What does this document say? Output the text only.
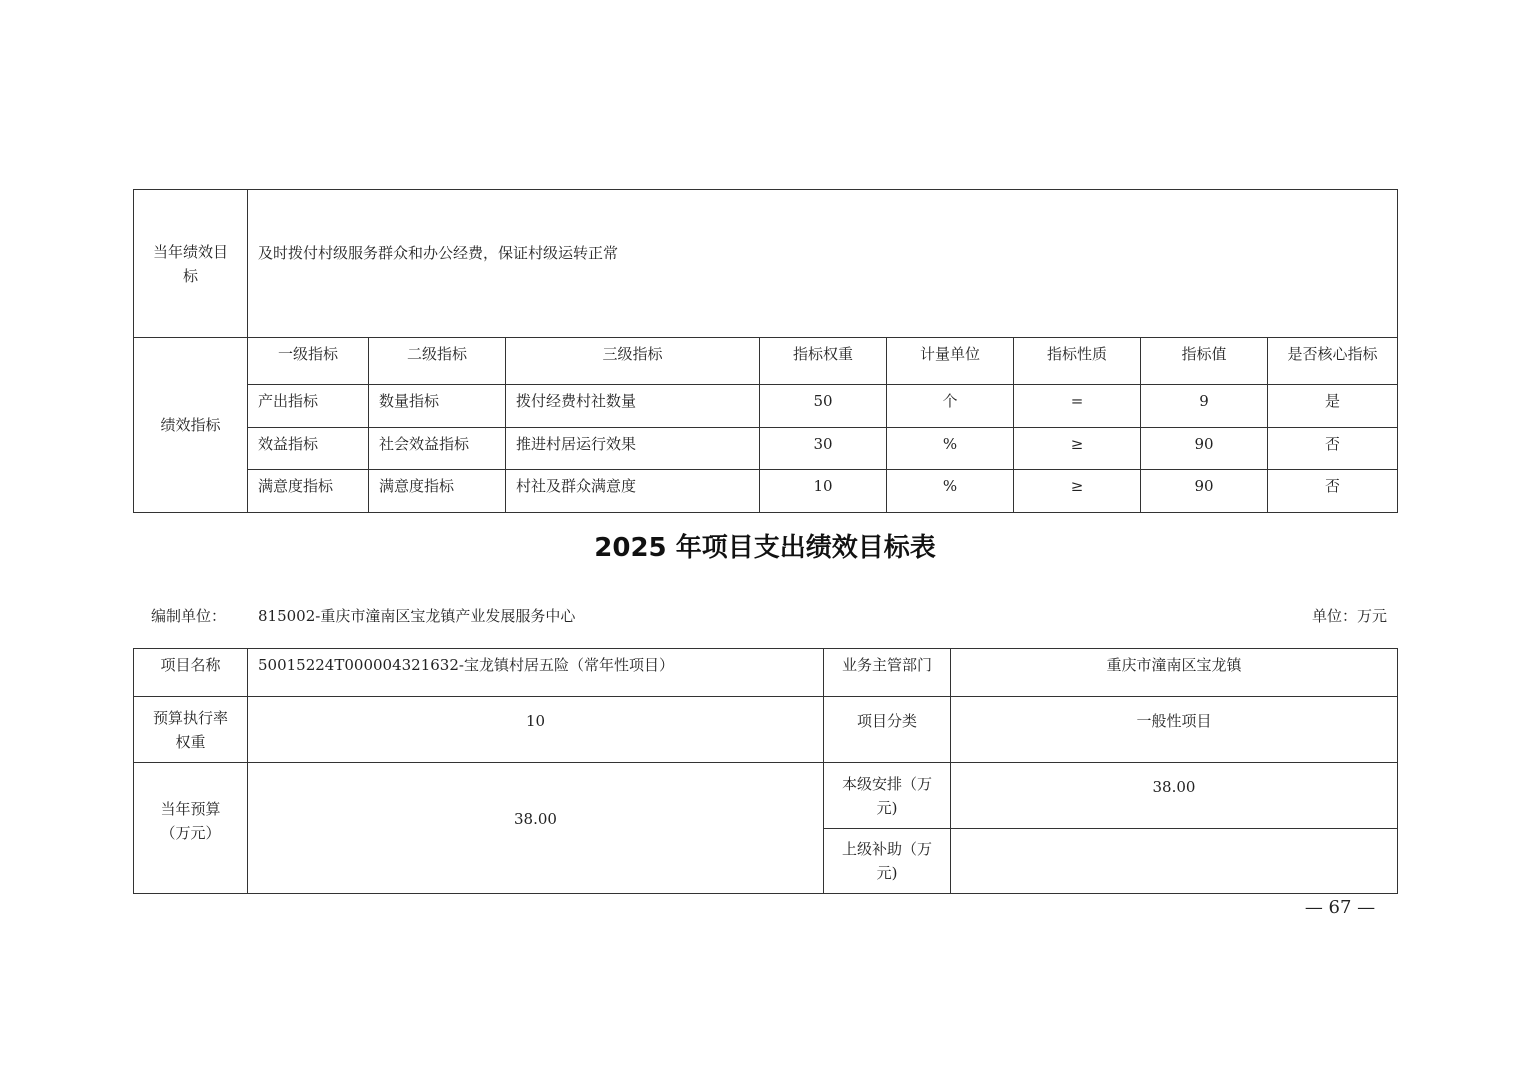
当年绩效目标	及时拨付村级服务群众和办公经费，保证村级运转正常							
绩效指标	一级指标	二级指标	三级指标	指标权重	计量单位	指标性质	指标值	是否核心指标
	产出指标	数量指标	拨付经费村社数量	50	个	=	9	是
	效益指标	社会效益指标	推进村居运行效果	30	%	≥	90	否
	满意度指标	满意度指标	村社及群众满意度	10	%	≥	90	否
2025 年项目支出绩效目标表
编制单位： 815002-重庆市潼南区宝龙镇产业发展服务中心	单位：万元
项目名称	50015224T000004321632-宝龙镇村居五险（常年性项目）	业务主管部门	重庆市潼南区宝龙镇
预算执行率权重	10	项目分类	一般性项目
当年预算（万元）	38.00	本级安排（万元)	38.00
		上级补助（万元)	
— 67 —
